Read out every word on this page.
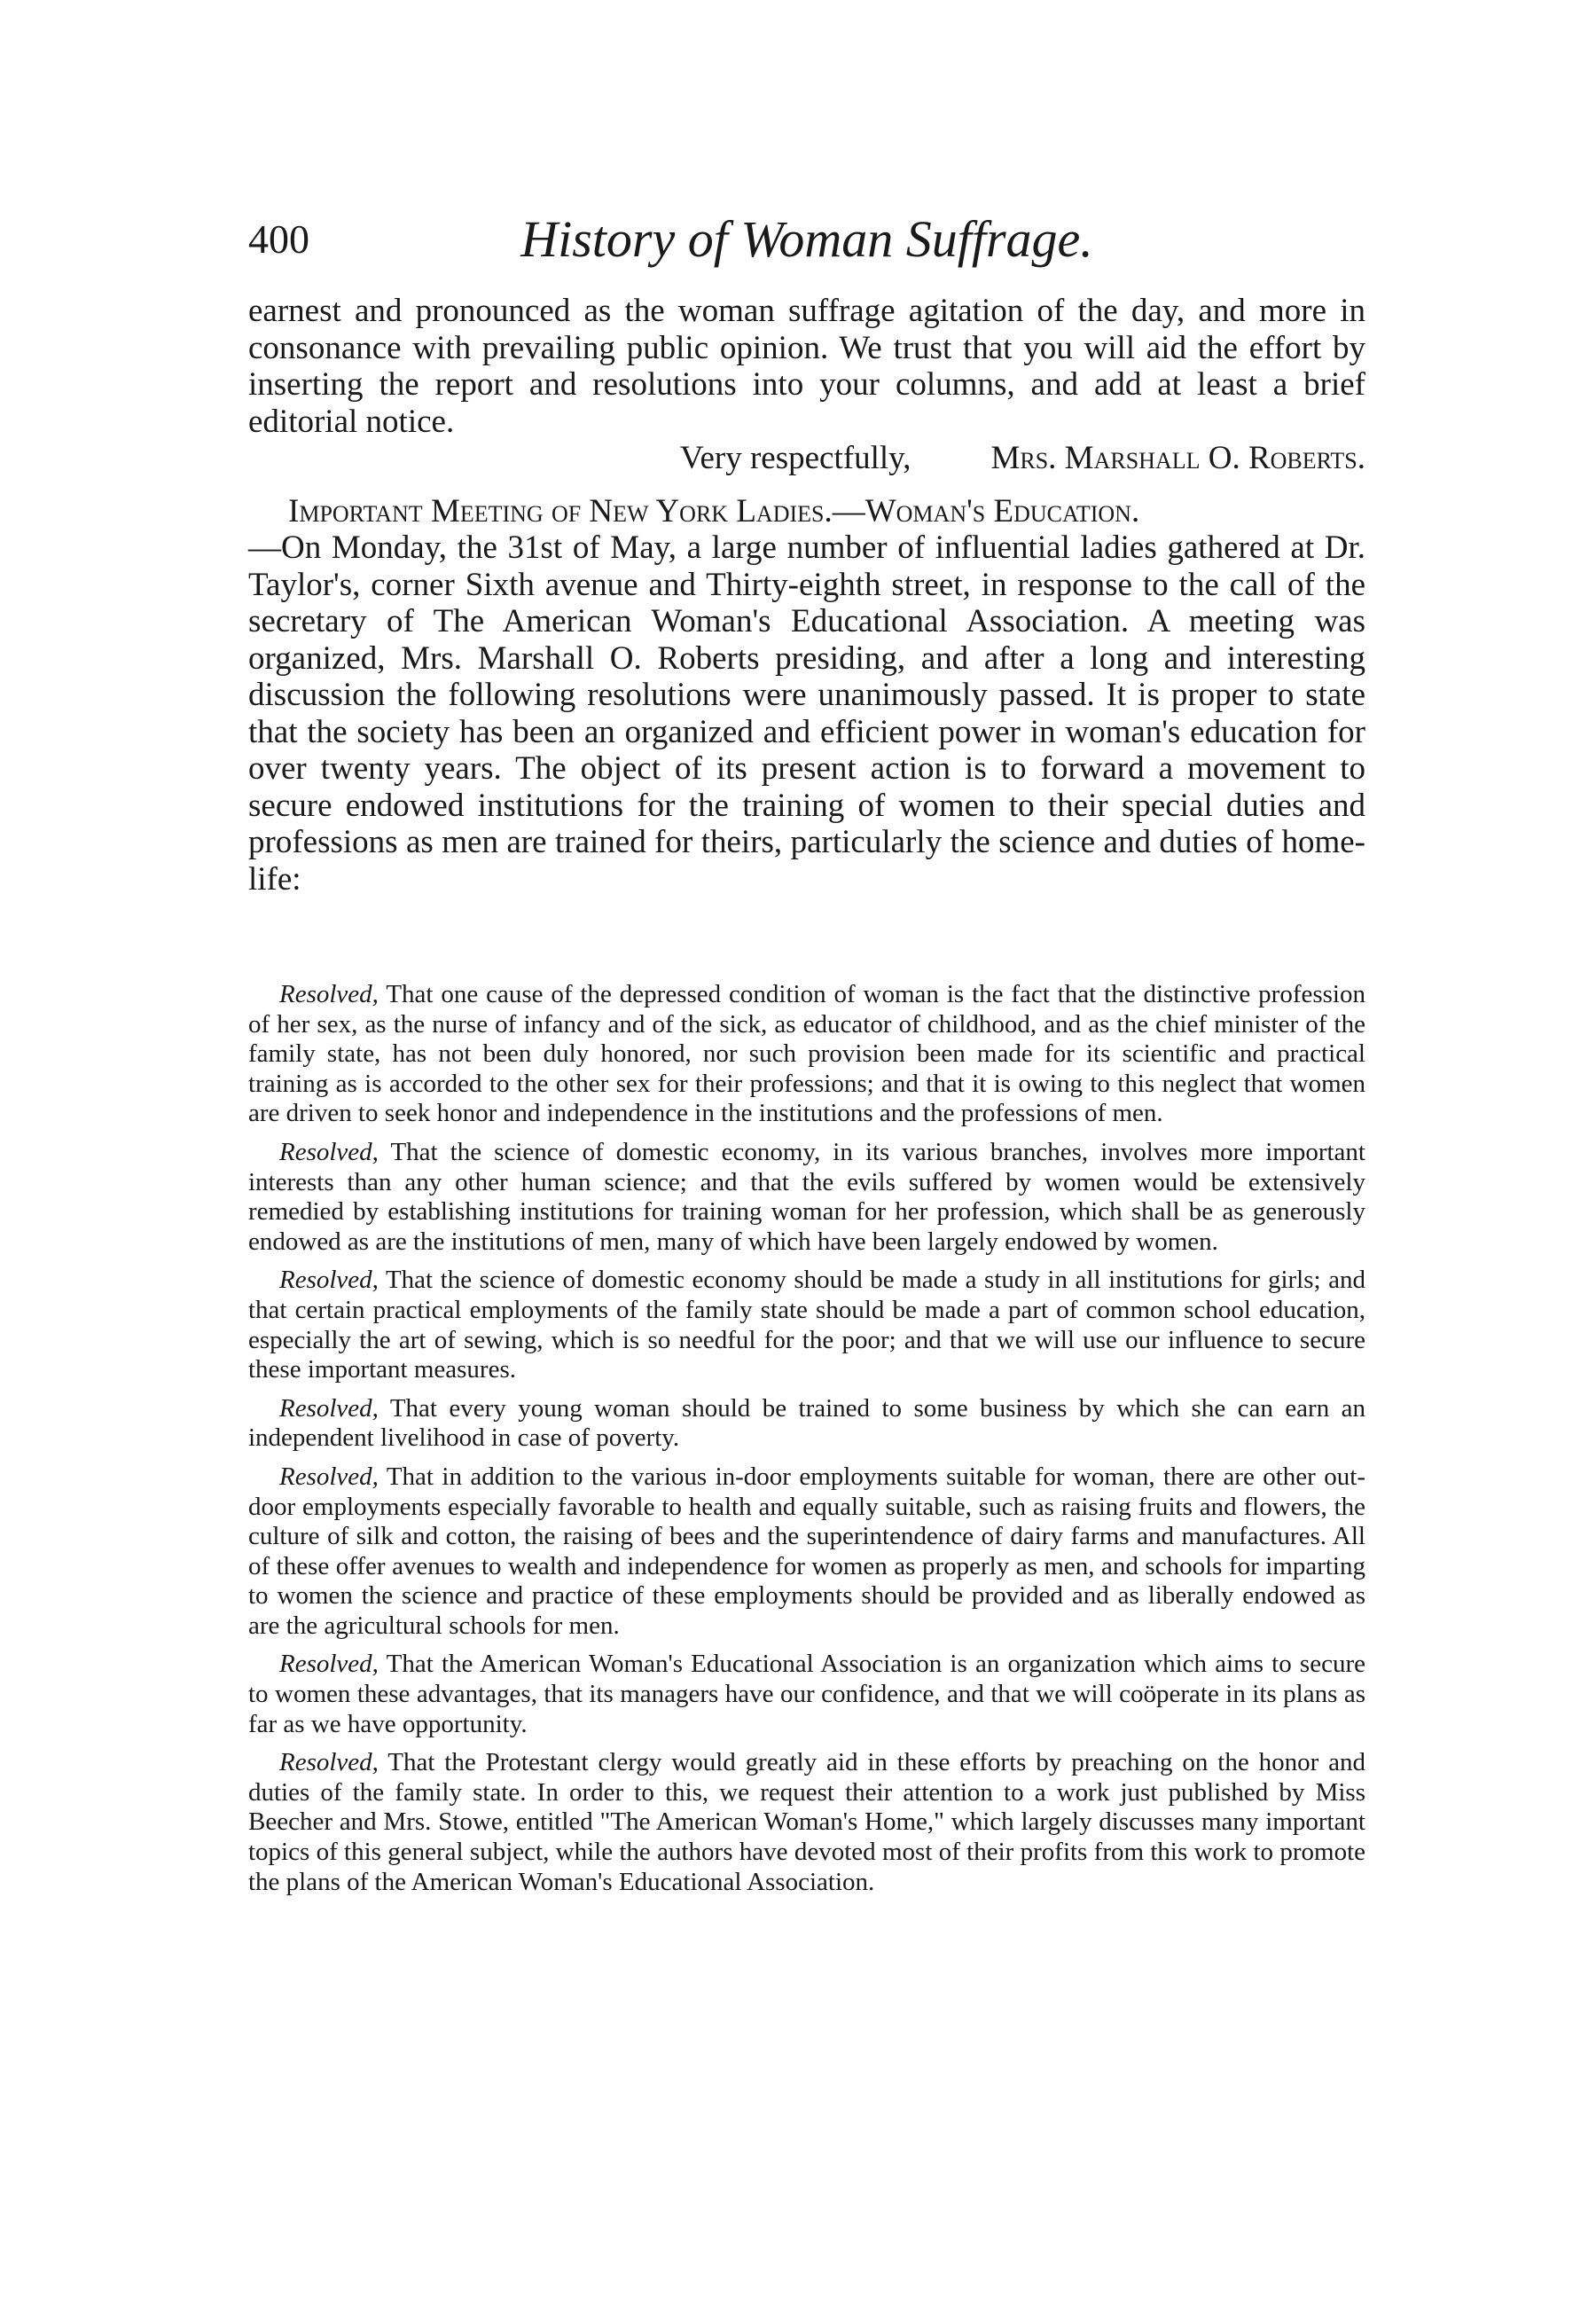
400	History of Woman Suffrage.

earnest and pronounced as the woman suffrage agitation of the day, and more in consonance with prevailing public opinion. We trust that you will aid the effort by inserting the report and resolutions into your columns, and add at least a brief editorial notice.

Very respectfully, Mrs. Marshall O. Roberts.

Important Meeting of New York Ladies.—Woman's Education.
—On Monday, the 31st of May, a large number of influential ladies gathered at Dr. Taylor's, corner Sixth avenue and Thirty-eighth street, in response to the call of the secretary of The American Woman's Educational Association. A meeting was organized, Mrs. Marshall O. Roberts presiding, and after a long and interesting discussion the following resolutions were unanimously passed. It is proper to state that the society has been an organized and efficient power in woman's education for over twenty years. The object of its present action is to forward a movement to secure endowed institutions for the training of women to their special duties and professions as men are trained for theirs, particularly the science and duties of home-life:

Resolved, That one cause of the depressed condition of woman is the fact that the distinctive profession of her sex, as the nurse of infancy and of the sick, as educator of childhood, and as the chief minister of the family state, has not been duly honored, nor such provision been made for its scientific and practical training as is accorded to the other sex for their professions; and that it is owing to this neglect that women are driven to seek honor and independence in the institutions and the professions of men.

Resolved, That the science of domestic economy, in its various branches, involves more important interests than any other human science; and that the evils suffered by women would be extensively remedied by establishing institutions for training woman for her profession, which shall be as generously endowed as are the institutions of men, many of which have been largely endowed by women.

Resolved, That the science of domestic economy should be made a study in all institutions for girls; and that certain practical employments of the family state should be made a part of common school education, especially the art of sewing, which is so needful for the poor; and that we will use our influence to secure these important measures.

Resolved, That every young woman should be trained to some business by which she can earn an independent livelihood in case of poverty.

Resolved, That in addition to the various in-door employments suitable for woman, there are other out-door employments especially favorable to health and equally suitable, such as raising fruits and flowers, the culture of silk and cotton, the raising of bees and the superintendence of dairy farms and manufactures. All of these offer avenues to wealth and independence for women as properly as men, and schools for imparting to women the science and practice of these employments should be provided and as liberally endowed as are the agricultural schools for men.

Resolved, That the American Woman's Educational Association is an organization which aims to secure to women these advantages, that its managers have our confidence, and that we will coöperate in its plans as far as we have opportunity.

Resolved, That the Protestant clergy would greatly aid in these efforts by preaching on the honor and duties of the family state. In order to this, we request their attention to a work just published by Miss Beecher and Mrs. Stowe, entitled "The American Woman's Home," which largely discusses many important topics of this general subject, while the authors have devoted most of their profits from this work to promote the plans of the American Woman's Educational Association.
